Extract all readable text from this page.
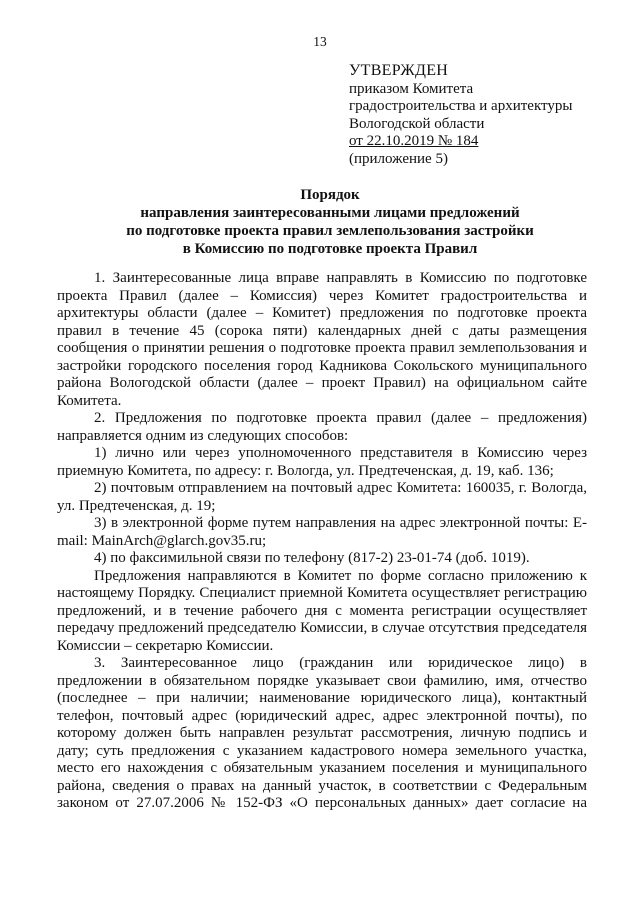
13
УТВЕРЖДЕН
приказом Комитета
градостроительства и архитектуры
Вологодской области
от 22.10.2019 № 184
(приложение 5)
Порядок
направления заинтересованными лицами предложений
по подготовке проекта правил землепользования застройки
в Комиссию по подготовке проекта Правил

1. Заинтересованные лица вправе направлять в Комиссию по подготовке проекта Правил (далее – Комиссия) через Комитет градостроительства и архитектуры области (далее – Комитет) предложения по подготовке проекта правил в течение 45 (сорока пяти) календарных дней с даты размещения сообщения о принятии решения о подготовке проекта правил землепользования и застройки городского поселения город Кадникова Сокольского муниципального района Вологодской области (далее – проект Правил) на официальном сайте Комитета.

2. Предложения по подготовке проекта правил (далее – предложения) направляется одним из следующих способов:

1) лично или через уполномоченного представителя в Комиссию через приемную Комитета, по адресу: г. Вологда, ул. Предтеченская, д. 19, каб. 136;

2) почтовым отправлением на почтовый адрес Комитета: 160035, г. Вологда, ул. Предтеченская, д. 19;

3) в электронной форме путем направления на адрес электронной почты: E-mail: MainArch@glarch.gov35.ru;

4) по факсимильной связи по телефону (817-2) 23-01-74 (доб. 1019).

Предложения направляются в Комитет по форме согласно приложению к настоящему Порядку. Специалист приемной Комитета осуществляет регистрацию предложений, и в течение рабочего дня с момента регистрации осуществляет передачу предложений председателю Комиссии, в случае отсутствия председателя Комиссии – секретарю Комиссии.

3. Заинтересованное лицо (гражданин или юридическое лицо) в предложении в обязательном порядке указывает свои фамилию, имя, отчество (последнее – при наличии; наименование юридического лица), контактный телефон, почтовый адрес (юридический адрес, адрес электронной почты), по которому должен быть направлен результат рассмотрения, личную подпись и дату; суть предложения с указанием кадастрового номера земельного участка, место его нахождения с обязательным указанием поселения и муниципального района, сведения о правах на данный участок, в соответствии с Федеральным законом от 27.07.2006 № 152-ФЗ «О персональных данных» дает согласие на
